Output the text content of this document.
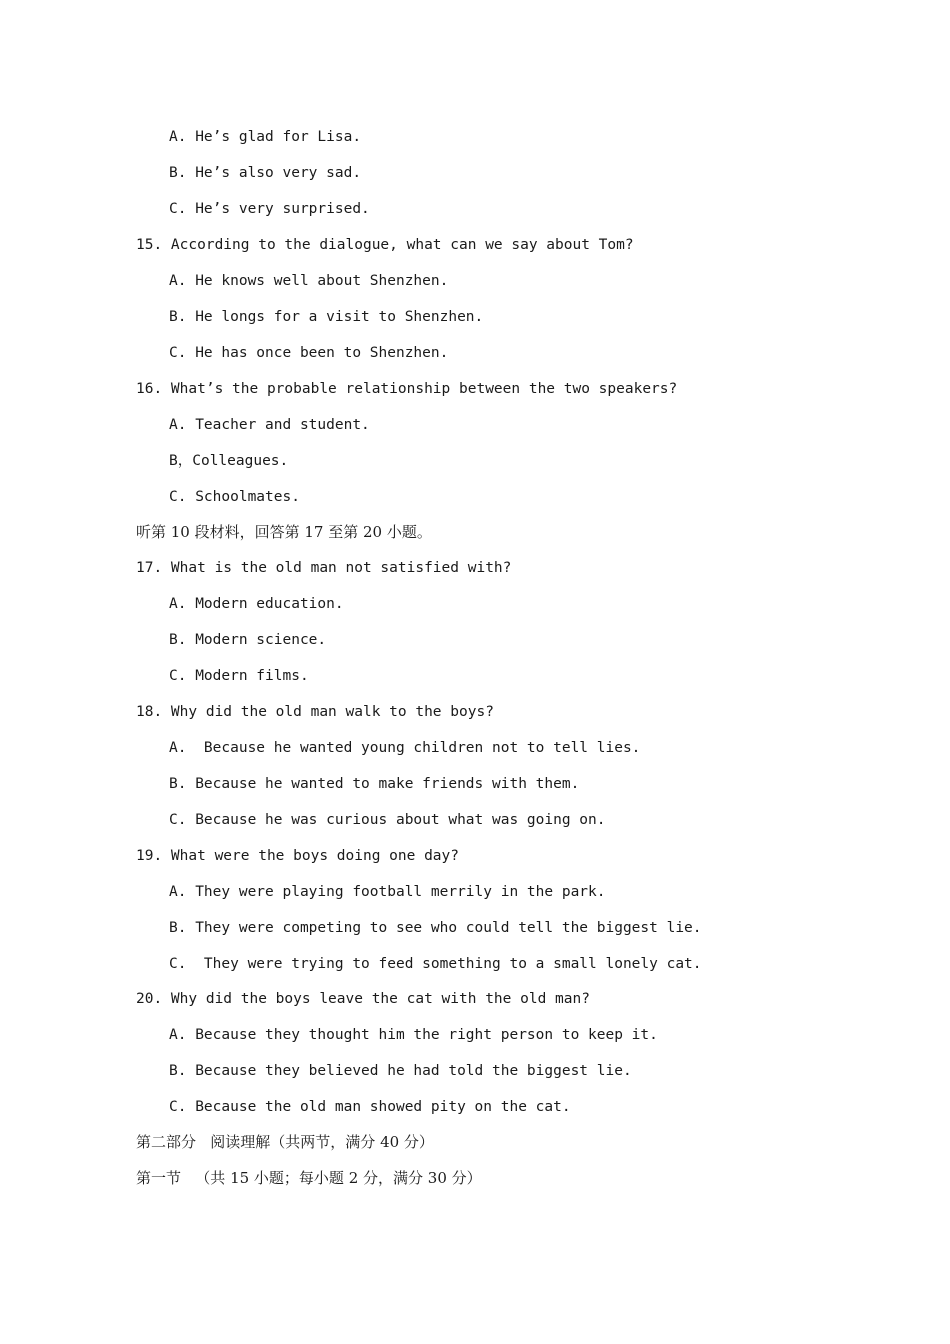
A. He’s glad for Lisa.
B. He’s also very sad.
C. He’s very surprised.
15. According to the dialogue, what can we say about Tom?
A. He knows well about Shenzhen.
B. He longs for a visit to Shenzhen.
C. He has once been to Shenzhen.
16. What’s the probable relationship between the two speakers?
A. Teacher and student.
B，Colleagues.
C. Schoolmates.
听第 10 段材料，回答第 17 至第 20 小题。
17. What is the old man not satisfied with?
A. Modern education.
B. Modern science.
C. Modern films.
18. Why did the old man walk to the boys?
A.  Because he wanted young children not to tell lies.
B. Because he wanted to make friends with them.
C. Because he was curious about what was going on.
19. What were the boys doing one day?
A. They were playing football merrily in the park.
B. They were competing to see who could tell the biggest lie.
C.  They were trying to feed something to a small lonely cat.
20. Why did the boys leave the cat with the old man?
A. Because they thought him the right person to keep it.
B. Because they believed he had told the biggest lie.
C. Because the old man showed pity on the cat.
第二部分   阅读理解（共两节，满分 40 分）
第一节   （共 15 小题；每小题 2 分，满分 30 分）
